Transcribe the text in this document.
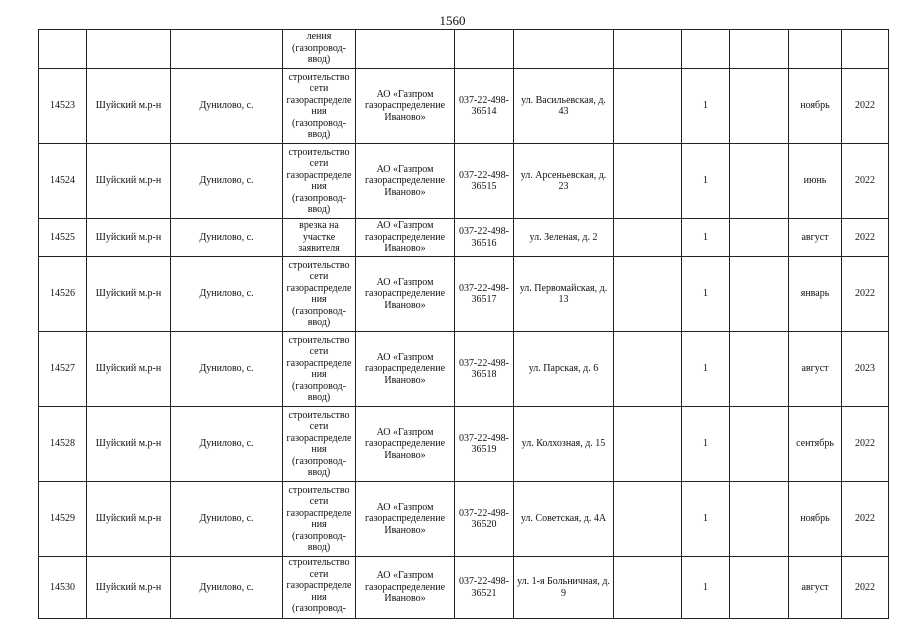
1560

			ления (газопровод-ввод)								

14523	Шуйский м.р-н	Дунилово, с.	строительство сети газораспределения (газопровод-ввод)	АО «Газпром газораспределение Иваново»	037-22-498-36514	ул. Васильевская, д. 43		1		ноябрь	2022
14524	Шуйский м.р-н	Дунилово, с.	строительство сети газораспределения (газопровод-ввод)	АО «Газпром газораспределение Иваново»	037-22-498-36515	ул. Арсеньевская, д. 23		1		июнь	2022
14525	Шуйский м.р-н	Дунилово, с.	врезка на участке заявителя	АО «Газпром газораспределение Иваново»	037-22-498-36516	ул. Зеленая, д. 2		1		август	2022
14526	Шуйский м.р-н	Дунилово, с.	строительство сети газораспределения (газопровод-ввод)	АО «Газпром газораспределение Иваново»	037-22-498-36517	ул. Первомайская, д. 13		1		январь	2022
14527	Шуйский м.р-н	Дунилово, с.	строительство сети газораспределения (газопровод-ввод)	АО «Газпром газораспределение Иваново»	037-22-498-36518	ул. Парская, д. 6		1		август	2023
14528	Шуйский м.р-н	Дунилово, с.	строительство сети газораспределения (газопровод-ввод)	АО «Газпром газораспределение Иваново»	037-22-498-36519	ул. Колхозная, д. 15		1		сентябрь	2022
14529	Шуйский м.р-н	Дунилово, с.	строительство сети газораспределения (газопровод-ввод)	АО «Газпром газораспределение Иваново»	037-22-498-36520	ул. Советская, д. 4А		1		ноябрь	2022
14530	Шуйский м.р-н	Дунилово, с.	строительство сети газораспределения (газопровод-	АО «Газпром газораспределение Иваново»	037-22-498-36521	ул. 1-я Больничная, д. 9		1		август	2022
